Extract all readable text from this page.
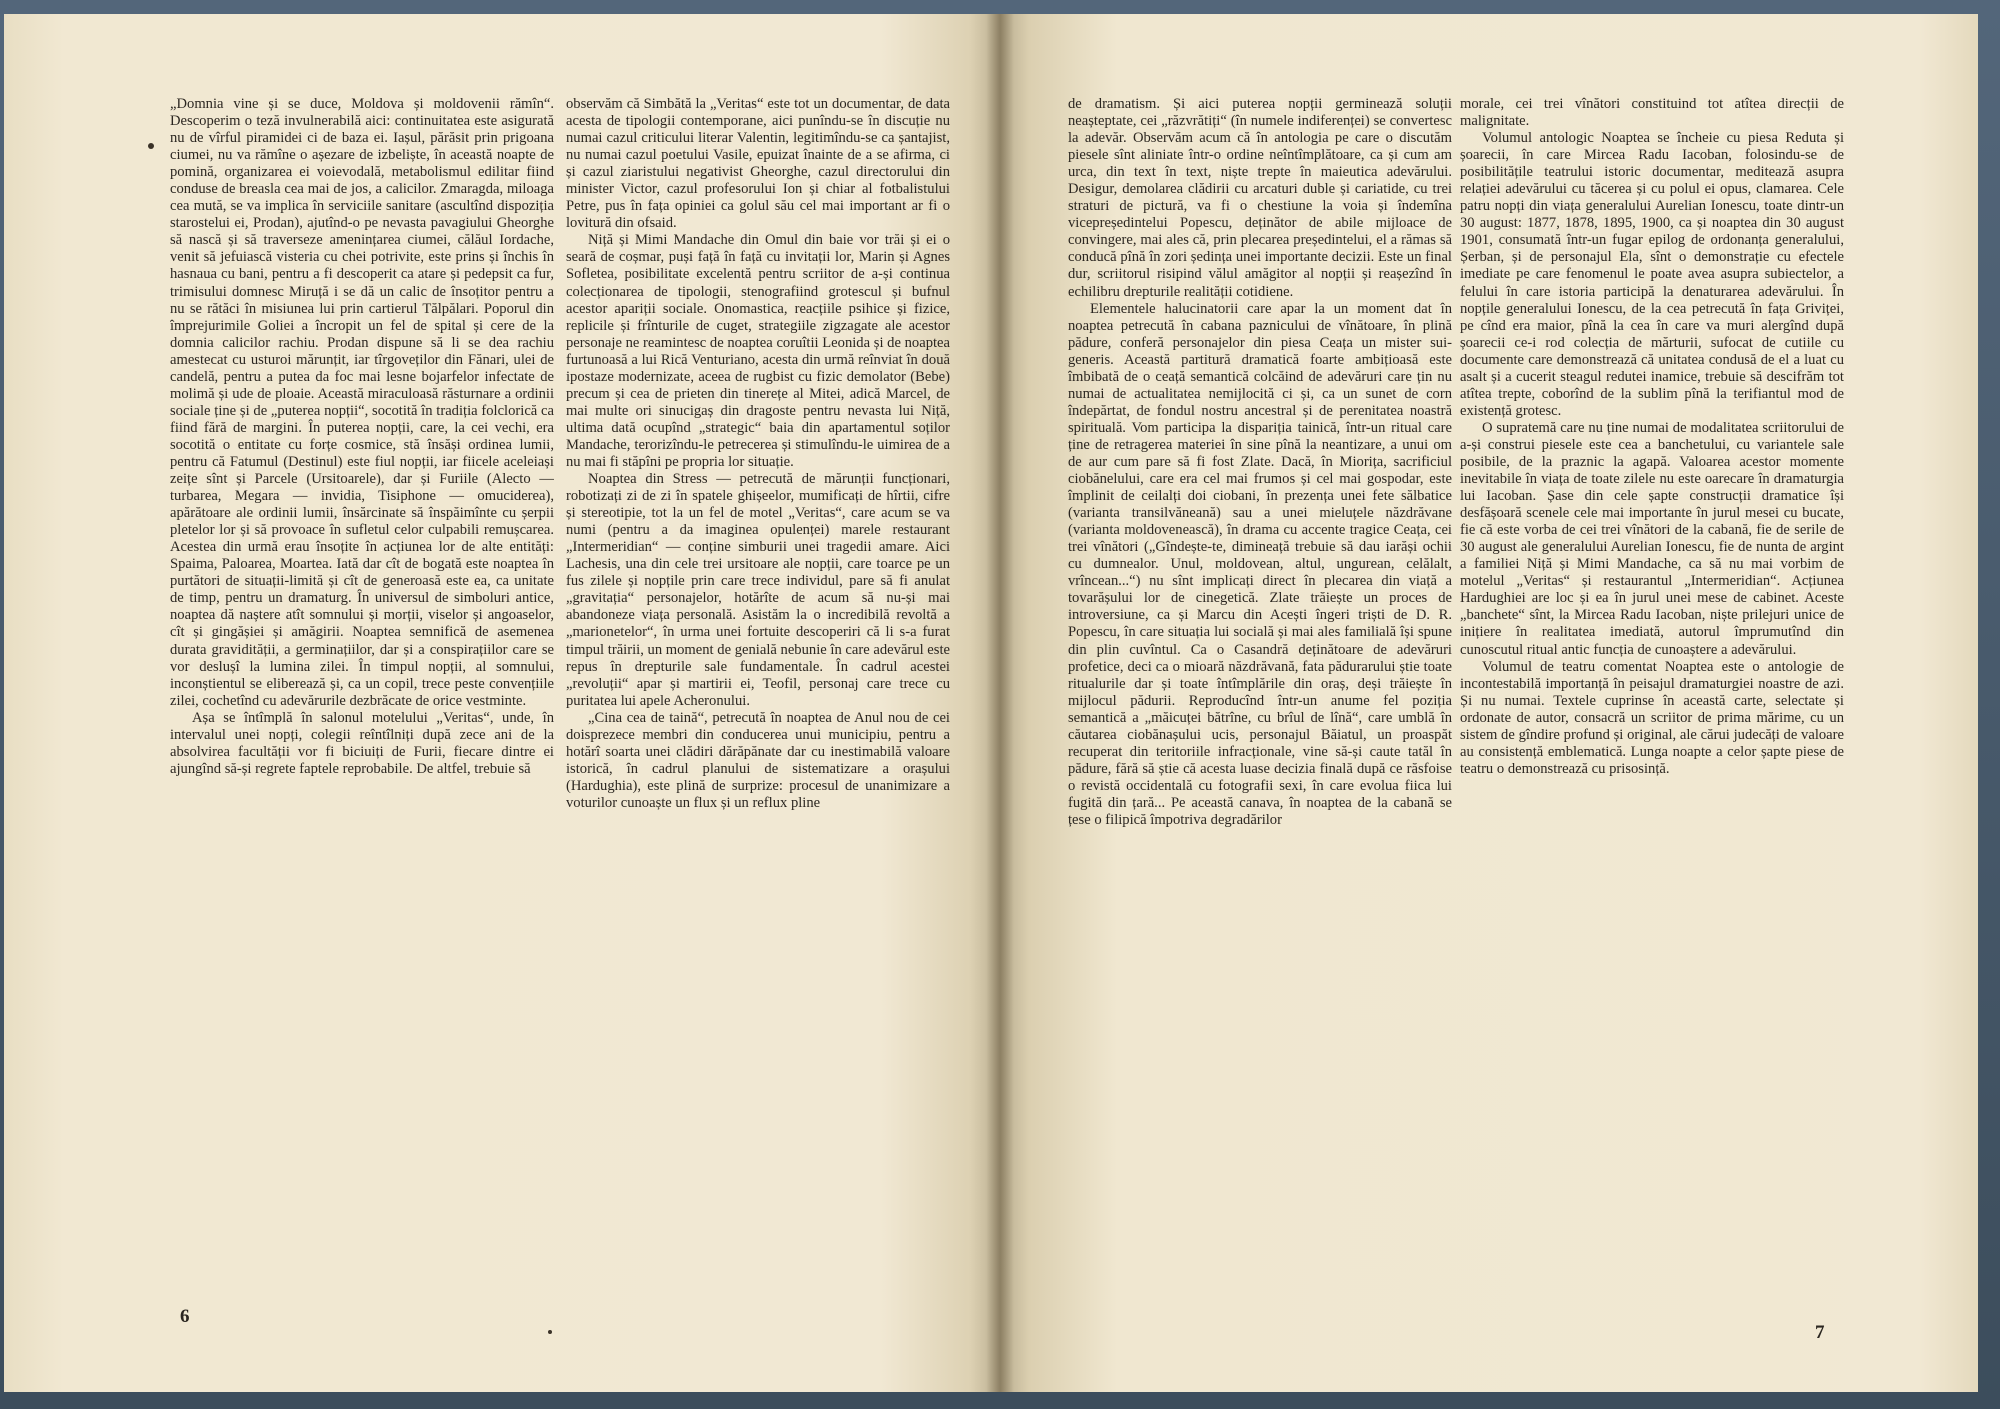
„Domnia vine și se duce, Moldova și moldovenii rămîn“. Descoperim o teză invulnerabilă aici: continuitatea este asigurată nu de vîrful piramidei ci de baza ei. Iașul, părăsit prin prigoana ciumei, nu va rămîne o așezare de izbeliște, în această noapte de pomină, organizarea ei voievodală, metabolismul edilitar fiind conduse de breasla cea mai de jos, a calicilor. Zmaragda, miloaga cea mută, se va implica în serviciile sanitare (ascultînd dispoziția starostelui ei, Prodan), ajutînd-o pe nevasta pavagiului Gheorghe să nască și să traverseze amenințarea ciumei, călăul Iordache, venit să jefuiască visteria cu chei potrivite, este prins și închis în hasnaua cu bani, pentru a fi descoperit ca atare și pedepsit ca fur, trimisului domnesc Miruță i se dă un calic de însoțitor pentru a nu se rătăci în misiunea lui prin cartierul Tălpălari. Poporul din împrejurimile Goliei a încropit un fel de spital și cere de la domnia calicilor rachiu. Prodan dispune să li se dea rachiu amestecat cu usturoi mărunțit, iar tîrgoveților din Fănari, ulei de candelă, pentru a putea da foc mai lesne bojarfelor infectate de molimă și ude de ploaie. Această miraculoasă răsturnare a ordinii sociale ține și de „puterea nopții“, socotită în tradiția folclorică ca fiind fără de margini. În puterea nopții, care, la cei vechi, era socotită o entitate cu forțe cosmice, stă însăși ordinea lumii, pentru că Fatumul (Destinul) este fiul nopții, iar fiicele aceleiași zeițe sînt și Parcele (Ursitoarele), dar și Furiile (Alecto — turbarea, Megara — invidia, Tisiphone — omuciderea), apărătoare ale ordinii lumii, însărcinate să înspăimînte cu șerpii pletelor lor și să provoace în sufletul celor culpabili remușcarea. Acestea din urmă erau însoțite în acțiunea lor de alte entități: Spaima, Paloarea, Moartea. Iată dar cît de bogată este noaptea în purtători de situații-limită și cît de generoasă este ea, ca unitate de timp, pentru un dramaturg. În universul de simboluri antice, noaptea dă naștere atît somnului și morții, viselor și angoaselor, cît și gingășiei și amăgirii. Noaptea semnifică de asemenea durata gravidității, a germinațiilor, dar și a conspirațiilor care se vor deslușî la lumina zilei. În timpul nopții, al somnului, inconștientul se eliberează și, ca un copil, trece peste convențiile zilei, cochetînd cu adevărurile dezbrăcate de orice vestminte.

Așa se întîmplă în salonul motelului „Veritas“, unde, în intervalul unei nopți, colegii reîntîlniți după zece ani de la absolvirea facultății vor fi biciuiți de Furii, fiecare dintre ei ajungînd să-și regrete faptele reprobabile. De altfel, trebuie să

observăm că Simbătă la „Veritas“ este tot un documentar, de data acesta de tipologii contemporane, aici punîndu-se în discuție nu numai cazul criticului literar Valentin, legitimîndu-se ca șantajist, nu numai cazul poetului Vasile, epuizat înainte de a se afirma, ci și cazul ziaristului negativist Gheorghe, cazul directorului din minister Victor, cazul profesorului Ion și chiar al fotbalistului Petre, pus în fața opiniei ca golul său cel mai important ar fi o lovitură din ofsaid.

Niță și Mimi Mandache din Omul din baie vor trăi și ei o seară de coșmar, puși față în față cu invitații lor, Marin și Agnes Sofletea, posibilitate excelentă pentru scriitor de a-și continua colecționarea de tipologii, stenografiind grotescul și bufnul acestor apariții sociale. Onomastica, reacțiile psihice și fizice, replicile și frînturile de cuget, strategiile zigzagate ale acestor personaje ne reamintesc de noaptea coruîtii Leonida și de noaptea furtunoasă a lui Rică Venturiano, acesta din urmă reînviat în două ipostaze modernizate, aceea de rugbist cu fizic demolator (Bebe) precum și cea de prieten din tinerețe al Mitei, adică Marcel, de mai multe ori sinucigaș din dragoste pentru nevasta lui Niță, ultima dată ocupînd „strategic“ baia din apartamentul soților Mandache, terorizîndu-le petrecerea și stimulîndu-le uimirea de a nu mai fi stăpîni pe propria lor situație.

Noaptea din Stress — petrecută de mărunții funcționari, robotizați zi de zi în spatele ghișeelor, mumificați de hîrtii, cifre și stereotipie, tot la un fel de motel „Veritas“, care acum se va numi (pentru a da imaginea opulenței) marele restaurant „Intermeridian“ — conține simburii unei tragedii amare. Aici Lachesis, una din cele trei ursitoare ale nopții, care toarce pe un fus zilele și nopțile prin care trece individul, pare să fi anulat „gravitația“ personajelor, hotărîte de acum să nu-și mai abandoneze viața personală. Asistăm la o incredibilă revoltă a „marionetelor“, în urma unei fortuite descoperiri că li s-a furat timpul trăirii, un moment de genială nebunie în care adevărul este repus în drepturile sale fundamentale. În cadrul acestei „revoluții“ apar și martirii ei, Teofil, personaj care trece cu puritatea lui apele Acheronului.

„Cina cea de taină“, petrecută în noaptea de Anul nou de cei doisprezece membri din conducerea unui municipiu, pentru a hotărî soarta unei clădiri dărăpănate dar cu inestimabilă valoare istorică, în cadrul planului de sistematizare a orașului (Hardughia), este plină de surprize: procesul de unanimizare a voturilor cunoaște un flux și un reflux pline

de dramatism. Și aici puterea nopții germinează soluții neașteptate, cei „răzvrătiți“ (în numele indiferenței) se convertesc la adevăr. Observăm acum că în antologia pe care o discutăm piesele sînt aliniate într-o ordine neîntîmplătoare, ca și cum am urca, din text în text, niște trepte în maieutica adevărului. Desigur, demolarea clădirii cu arcaturi duble și cariatide, cu trei straturi de pictură, va fi o chestiune la voia și îndemîna vicepreședintelui Popescu, deținător de abile mijloace de convingere, mai ales că, prin plecarea președintelui, el a rămas să conducă pînă în zori ședința unei importante decizii. Este un final dur, scriitorul risipind vălul amăgitor al nopții și reașezînd în echilibru drepturile realității cotidiene.

Elementele halucinatorii care apar la un moment dat în noaptea petrecută în cabana paznicului de vînătoare, în plină pădure, conferă personajelor din piesa Ceața un mister sui-generis. Această partitură dramatică foarte ambițioasă este îmbibată de o ceață semantică colcăind de adevăruri care țin nu numai de actualitatea nemijlocită ci și, ca un sunet de corn îndepărtat, de fondul nostru ancestral și de perenitatea noastră spirituală. Vom participa la dispariția tainică, într-un ritual care ține de retragerea materiei în sine pînă la neantizare, a unui om de aur cum pare să fi fost Zlate. Dacă, în Miorița, sacrificiul ciobănelului, care era cel mai frumos și cel mai gospodar, este împlinit de ceilalți doi ciobani, în prezența unei fete sălbatice (varianta transilvăneană) sau a unei mieluțele năzdrăvane (varianta moldovenească), în drama cu accente tragice Ceața, cei trei vînători („Gîndește-te, dimineață trebuie să dau iarăși ochii cu dumnealor. Unul, moldovean, altul, ungurean, celălalt, vrîncean...“) nu sînt implicați direct în plecarea din viață a tovarășului lor de cinegetică. Zlate trăiește un proces de introversiune, ca și Marcu din Acești îngeri triști de D. R. Popescu, în care situația lui socială și mai ales familială își spune din plin cuvîntul. Ca o Casandră deținătoare de adevăruri profetice, deci ca o mioară năzdrăvană, fata pădurarului știe toate ritualurile dar și toate întîmplările din oraș, deși trăiește în mijlocul pădurii. Reproducînd într-un anume fel poziția semantică a „măicuței bătrîne, cu brîul de lînă“, care umblă în căutarea ciobănașului ucis, personajul Băiatul, un proaspăt recuperat din teritoriile infracționale, vine să-și caute tatăl în pădure, fără să știe că acesta luase decizia finală după ce răsfoise o revistă occidentală cu fotografii sexi, în care evolua fiica lui fugită din țară... Pe această canava, în noaptea de la cabană se țese o filipică împotriva degradărilor

morale, cei trei vînători constituind tot atîtea direcții de malignitate.

Volumul antologic Noaptea se încheie cu piesa Reduta și șoarecii, în care Mircea Radu Iacoban, folosindu-se de posibilitățile teatrului istoric documentar, meditează asupra relației adevărului cu tăcerea și cu polul ei opus, clamarea. Cele patru nopți din viața generalului Aurelian Ionescu, toate dintr-un 30 august: 1877, 1878, 1895, 1900, ca și noaptea din 30 august 1901, consumată într-un fugar epilog de ordonanța generalului, Șerban, și de personajul Ela, sînt o demonstrație cu efectele imediate pe care fenomenul le poate avea asupra subiectelor, a felului în care istoria participă la denaturarea adevărului. În nopțile generalului Ionescu, de la cea petrecută în fața Griviței, pe cînd era maior, pînă la cea în care va muri alergînd după șoarecii ce-i rod colecția de mărturii, sufocat de cutiile cu documente care demonstrează că unitatea condusă de el a luat cu asalt și a cucerit steagul redutei inamice, trebuie să descifrăm tot atîtea trepte, coborînd de la sublim pînă la terifiantul mod de existență grotesc.

O supratemă care nu ține numai de modalitatea scriitorului de a-și construi piesele este cea a banchetului, cu variantele sale posibile, de la praznic la agapă. Valoarea acestor momente inevitabile în viața de toate zilele nu este oarecare în dramaturgia lui Iacoban. Șase din cele șapte construcții dramatice își desfășoară scenele cele mai importante în jurul mesei cu bucate, fie că este vorba de cei trei vînători de la cabană, fie de serile de 30 august ale generalului Aurelian Ionescu, fie de nunta de argint a familiei Niță și Mimi Mandache, ca să nu mai vorbim de motelul „Veritas“ și restaurantul „Intermeridian“. Acțiunea Hardughiei are loc și ea în jurul unei mese de cabinet. Aceste „banchete“ sînt, la Mircea Radu Iacoban, niște prilejuri unice de inițiere în realitatea imediată, autorul împrumutînd din cunoscutul ritual antic funcția de cunoaștere a adevărului.

Volumul de teatru comentat Noaptea este o antologie de incontestabilă importanță în peisajul dramaturgiei noastre de azi. Și nu numai. Textele cuprinse în această carte, selectate și ordonate de autor, consacră un scriitor de prima mărime, cu un sistem de gîndire profund și original, ale cărui judecăți de valoare au consistență emblematică. Lunga noapte a celor șapte piese de teatru o demonstrează cu prisosință.

6
7
